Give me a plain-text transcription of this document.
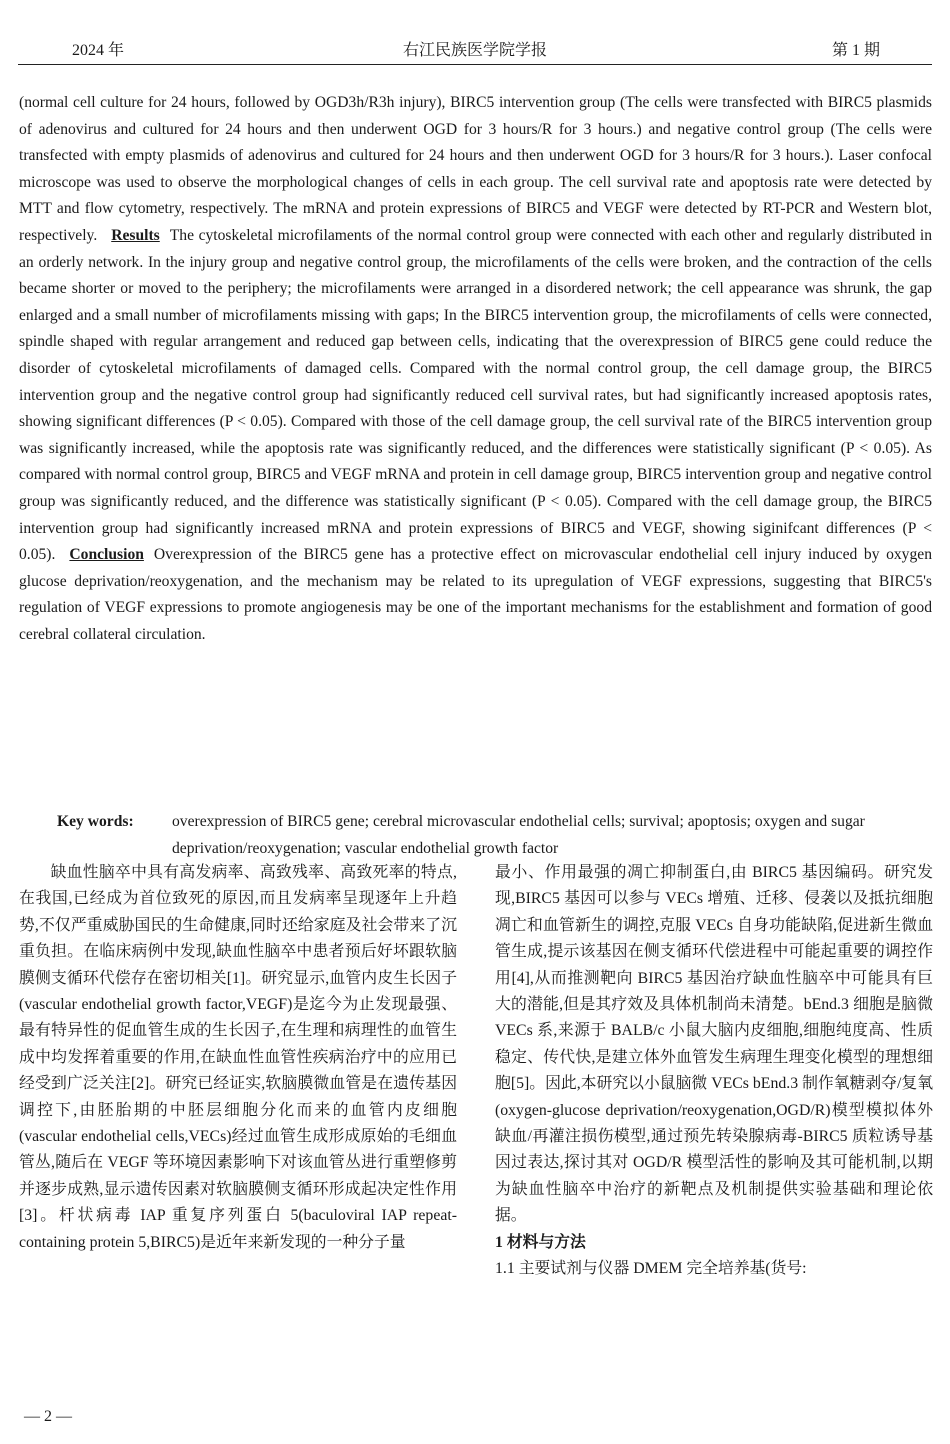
2024 年	右江民族医学院学报	第 1 期

(normal cell culture for 24 hours, followed by OGD3h/R3h injury), BIRC5 intervention group (The cells were transfected with BIRC5 plasmids of adenovirus and cultured for 24 hours and then underwent OGD for 3 hours/R for 3 hours.) and negative control group (The cells were transfected with empty plasmids of adenovirus and cultured for 24 hours and then underwent OGD for 3 hours/R for 3 hours.). Laser confocal microscope was used to observe the morphological changes of cells in each group. The cell survival rate and apoptosis rate were detected by MTT and flow cytometry, respectively. The mRNA and protein expressions of BIRC5 and VEGF were detected by RT-PCR and Western blot, respectively. Results The cytoskeletal microfilaments of the normal control group were connected with each other and regularly distributed in an orderly network. In the injury group and negative control group, the microfilaments of the cells were broken, and the contraction of the cells became shorter or moved to the periphery; the microfilaments were arranged in a disordered network; the cell appearance was shrunk, the gap enlarged and a small number of microfilaments missing with gaps; In the BIRC5 intervention group, the microfilaments of cells were connected, spindle shaped with regular arrangement and reduced gap between cells, indicating that the overexpression of BIRC5 gene could reduce the disorder of cytoskeletal microfilaments of damaged cells. Compared with the normal control group, the cell damage group, the BIRC5 intervention group and the negative control group had significantly reduced cell survival rates, but had significantly increased apoptosis rates, showing significant differences (P < 0.05). Compared with those of the cell damage group, the cell survival rate of the BIRC5 intervention group was significantly increased, while the apoptosis rate was significantly reduced, and the differences were statistically significant (P < 0.05). As compared with normal control group, BIRC5 and VEGF mRNA and protein in cell damage group, BIRC5 intervention group and negative control group was significantly reduced, and the difference was statistically significant (P < 0.05). Compared with the cell damage group, the BIRC5 intervention group had significantly increased mRNA and protein expressions of BIRC5 and VEGF, showing siginifcant differences (P < 0.05). Conclusion Overexpression of the BIRC5 gene has a protective effect on microvascular endothelial cell injury induced by oxygen glucose deprivation/reoxygenation, and the mechanism may be related to its upregulation of VEGF expressions, suggesting that BIRC5's regulation of VEGF expressions to promote angiogenesis may be one of the important mechanisms for the establishment and formation of good cerebral collateral circulation.

Key words: overexpression of BIRC5 gene; cerebral microvascular endothelial cells; survival; apoptosis; oxygen and sugar deprivation/reoxygenation; vascular endothelial growth factor

缺血性脑卒中具有高发病率、高致残率、高致死率的特点,在我国,已经成为首位致死的原因,而且发病率呈现逐年上升趋势,不仅严重威胁国民的生命健康,同时还给家庭及社会带来了沉重负担。在临床病例中发现,缺血性脑卒中患者预后好坏跟软脑膜侧支循环代偿存在密切相关[1]。研究显示,血管内皮生长因子(vascular endothelial growth factor,VEGF)是迄今为止发现最强、最有特异性的促血管生成的生长因子,在生理和病理性的血管生成中均发挥着重要的作用,在缺血性血管性疾病治疗中的应用已经受到广泛关注[2]。研究已经证实,软脑膜微血管是在遗传基因调控下,由胚胎期的中胚层细胞分化而来的血管内皮细胞(vascular endothelial cells,VECs)经过血管生成形成原始的毛细血管丛,随后在 VEGF 等环境因素影响下对该血管丛进行重塑修剪并逐步成熟,显示遗传因素对软脑膜侧支循环形成起决定性作用[3]。杆状病毒 IAP 重复序列蛋白 5(baculoviral IAP repeat-containing protein 5,BIRC5)是近年来新发现的一种分子量

最小、作用最强的凋亡抑制蛋白,由 BIRC5 基因编码。研究发现,BIRC5 基因可以参与 VECs 增殖、迁移、侵袭以及抵抗细胞凋亡和血管新生的调控,克服 VECs 自身功能缺陷,促进新生微血管生成,提示该基因在侧支循环代偿进程中可能起重要的调控作用[4],从而推测靶向 BIRC5 基因治疗缺血性脑卒中可能具有巨大的潜能,但是其疗效及具体机制尚未清楚。bEnd.3 细胞是脑微 VECs 系,来源于 BALB/c 小鼠大脑内皮细胞,细胞纯度高、性质稳定、传代快,是建立体外血管发生病理生理变化模型的理想细胞[5]。因此,本研究以小鼠脑微 VECs bEnd.3 制作氧糖剥夺/复氧(oxygen-glucose deprivation/reoxygenation,OGD/R)模型模拟体外缺血/再灌注损伤模型,通过预先转染腺病毒-BIRC5 质粒诱导基因过表达,探讨其对 OGD/R 模型活性的影响及其可能机制,以期为缺血性脑卒中治疗的新靶点及机制提供实验基础和理论依据。

1 材料与方法

1.1 主要试剂与仪器 DMEM 完全培养基(货号:

— 2 —
